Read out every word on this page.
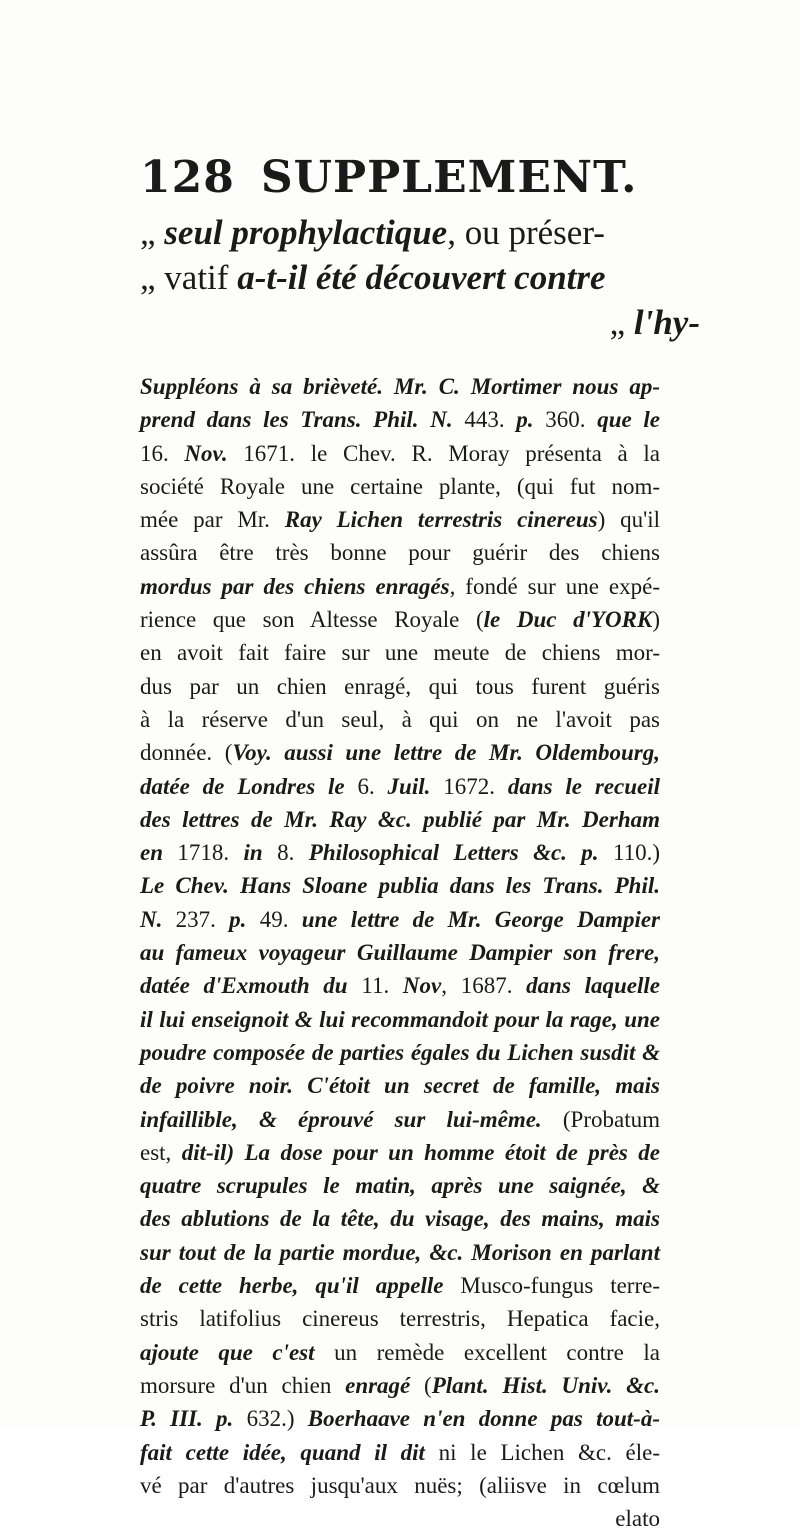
128 SUPPLEMENT.
„ seul prophylactique, ou préser-
„ vatif a-t-il été découvert contre
„ l'hy-
Suppléons à sa brièveté. Mr. C. Mortimer nous ap-
prend dans les Trans. Phil. N. 443. p. 360. que le
16. Nov. 1671. le Chev. R. Moray présenta à la
société Royale une certaine plante, (qui fut nom-
mée par Mr. Ray Lichen terrestris cinereus) qu'il
assûra être très bonne pour guérir des chiens
mordus par des chiens enragés, fondé sur une expé-
rience que son Altesse Royale (le Duc d'YORK)
en avoit fait faire sur une meute de chiens mor-
dus par un chien enragé, qui tous furent guéris
à la réserve d'un seul, à qui on ne l'avoit pas
donnée. (Voy. aussi une lettre de Mr. Oldembourg,
datée de Londres le 6. Juil. 1672. dans le recueil
des lettres de Mr. Ray &c. publié par Mr. Derham
en 1718. in 8. Philosophical Letters &c. p. 110.)
Le Chev. Hans Sloane publia dans les Trans. Phil.
N. 237. p. 49. une lettre de Mr. George Dampier
au fameux voyageur Guillaume Dampier son frere,
datée d'Exmouth du 11. Nov, 1687. dans laquelle
il lui enseignoit & lui recommandoit pour la rage, une
poudre composée de parties égales du Lichen susdit &
de poivre noir. C'étoit un secret de famille, mais
infaillible, & éprouvé sur lui-même. (Probatum
est, dit-il) La dose pour un homme étoit de près de
quatre scrupules le matin, après une saignée, &
des ablutions de la tête, du visage, des mains, mais
sur tout de la partie mordue, &c. Morison en parlant
de cette herbe, qu'il appelle Musco-fungus terre-
stris latifolius cinereus terrestris, Hepatica facie,
ajoute que c'est un remède excellent contre la
morsure d'un chien enragé (Plant. Hist. Univ. &c.
P. III. p. 632.) Boerhaave n'en donne pas tout-à-
fait cette idée, quand il dit ni le Lichen &c. éle-
vé par d'autres jusqu'aux nuës; (aliisve in cœlum
elato
